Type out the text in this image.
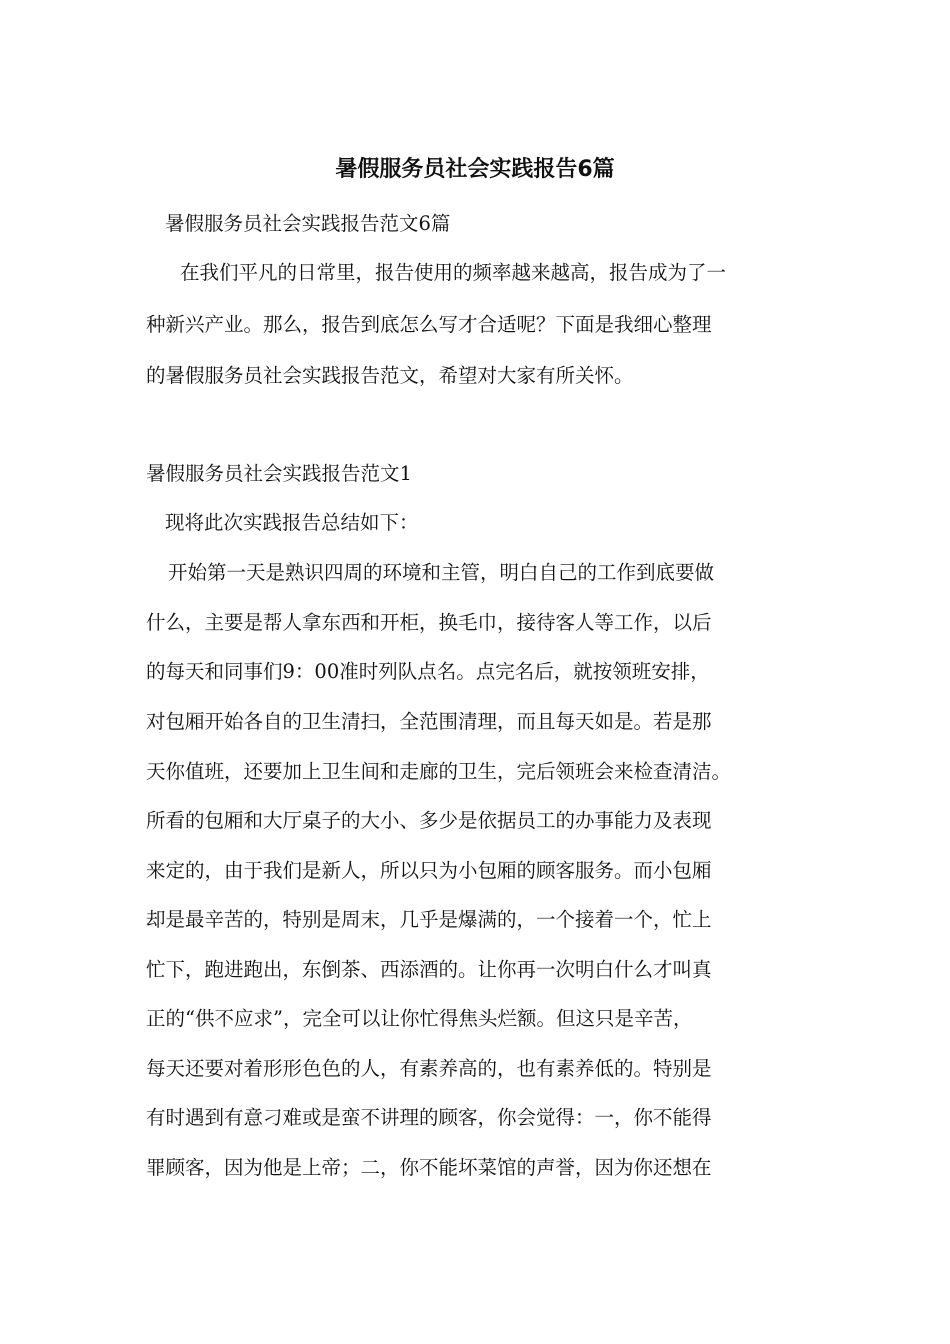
暑假服务员社会实践报告6篇

暑假服务员社会实践报告范文6篇

在我们平凡的日常里，报告使用的频率越来越高，报告成为了一

种新兴产业。那么，报告到底怎么写才合适呢？下面是我细心整理

的暑假服务员社会实践报告范文，希望对大家有所关怀。

暑假服务员社会实践报告范文1

现将此次实践报告总结如下：

开始第一天是熟识四周的环境和主管，明白自己的工作到底要做

什么，主要是帮人拿东西和开柜，换毛巾，接待客人等工作，以后

的每天和同事们9：00准时列队点名。点完名后，就按领班安排，

对包厢开始各自的卫生清扫，全范围清理，而且每天如是。若是那

天你值班，还要加上卫生间和走廊的卫生，完后领班会来检查清洁。

所看的包厢和大厅桌子的大小、多少是依据员工的办事能力及表现

来定的，由于我们是新人，所以只为小包厢的顾客服务。而小包厢

却是最辛苦的，特别是周末，几乎是爆满的，一个接着一个，忙上

忙下，跑进跑出，东倒茶、西添酒的。让你再一次明白什么才叫真

正的“供不应求”，完全可以让你忙得焦头烂额。但这只是辛苦，

每天还要对着形形色色的人，有素养高的，也有素养低的。特别是

有时遇到有意刁难或是蛮不讲理的顾客，你会觉得：一，你不能得

罪顾客，因为他是上帝；二，你不能坏菜馆的声誉，因为你还想在
